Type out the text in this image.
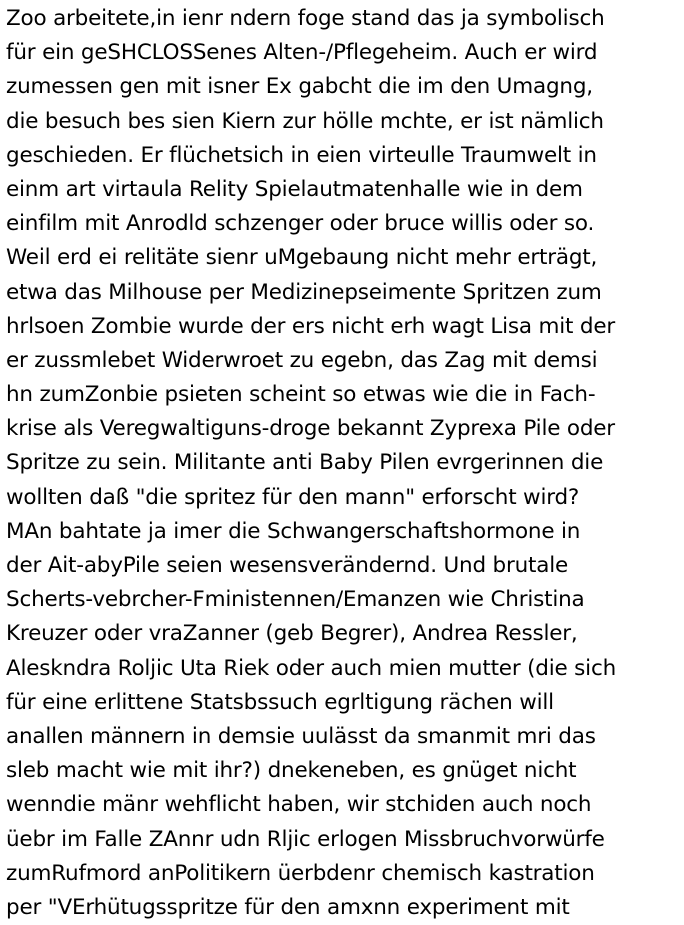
Zoo arbeitete,in ienr ndern foge stand das ja symbolisch
für ein geSHCLOSSenes Alten-/Pflegeheim. Auch er wird
zumessen gen mit isner Ex gabcht die im den Umagng,
die besuch bes sien Kiern zur hölle mchte, er ist nämlich
geschieden. Er flüchetsich in eien virteulle Traumwelt in
einm art virtaula Relity Spielautmatenhalle wie in dem
einfilm mit Anrodld schzenger oder bruce willis oder so.
Weil erd ei relitäte sienr uMgebaung nicht mehr erträgt,
etwa das Milhouse per Medizinepseimente Spritzen zum
hrlsoen Zombie wurde der ers nicht erh wagt Lisa mit der
er zussmlebet Widerwroet zu egebn, das Zag mit demsi
hn zumZonbie psieten scheint so etwas wie die in Fach-
krise als Veregwaltiguns-droge bekannt Zyprexa Pile oder
Spritze zu sein. Militante anti Baby Pilen evrgerinnen die
wollten daß "die spritez für den mann" erforscht wird?
MAn bahtate ja imer die Schwangerschaftshormone in
der Ait-abyPile seien wesensverändernd. Und brutale
Scherts-vebrcher-Fministennen/Emanzen wie Christina
Kreuzer oder vraZanner (geb Begrer), Andrea Ressler,
Aleskndra Roljic Uta Riek oder auch mien mutter (die sich
für eine erlittene Statsbssuch egrltigung rächen will
anallen männern in demsie uulässt da smanmit mri das
sleb macht wie mit ihr?) dnekeneben, es gnüget nicht
wenndie mänr wehflicht haben, wir stchiden auch noch
üebr im Falle ZAnnr udn Rljic erlogen Missbruchvorwürfe
zumRufmord anPolitikern üerbdenr chemisch kastration
per "VErhütugsspritze für den amxnn experiment mit
